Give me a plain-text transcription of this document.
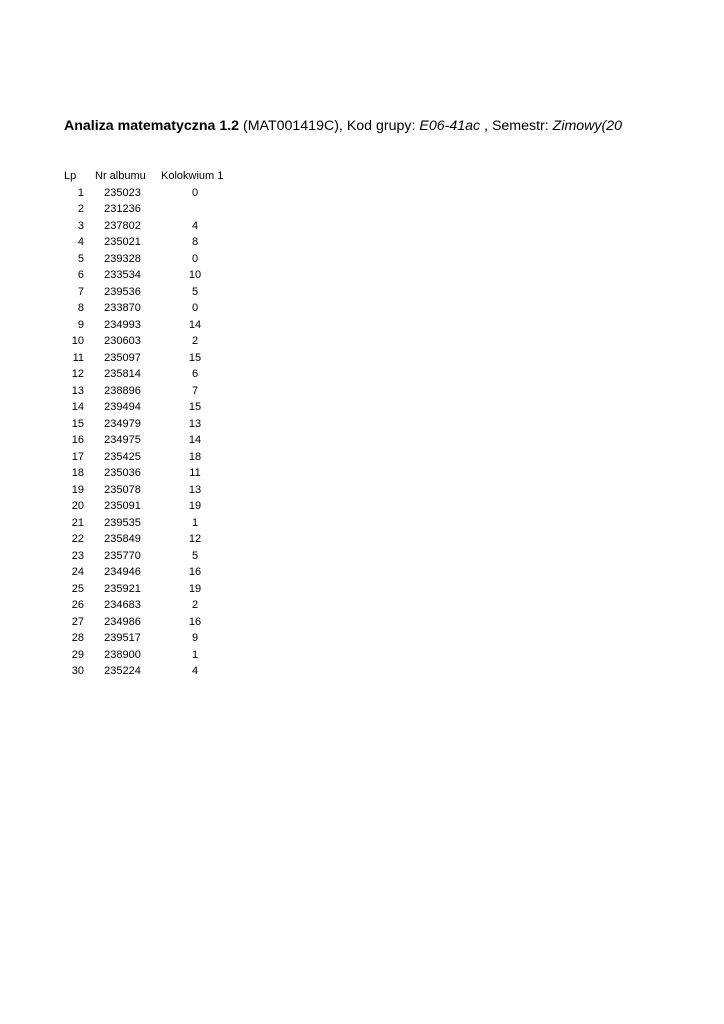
Analiza matematyczna 1.2 (MAT001419C), Kod grupy: E06-41ac , Semestr: Zimowy(20
Lp	Nr albumu	Kolokwium 1
1	235023	0
2	231236	
3	237802	4
4	235021	8
5	239328	0
6	233534	10
7	239536	5
8	233870	0
9	234993	14
10	230603	2
11	235097	15
12	235814	6
13	238896	7
14	239494	15
15	234979	13
16	234975	14
17	235425	18
18	235036	11
19	235078	13
20	235091	19
21	239535	1
22	235849	12
23	235770	5
24	234946	16
25	235921	19
26	234683	2
27	234986	16
28	239517	9
29	238900	1
30	235224	4
